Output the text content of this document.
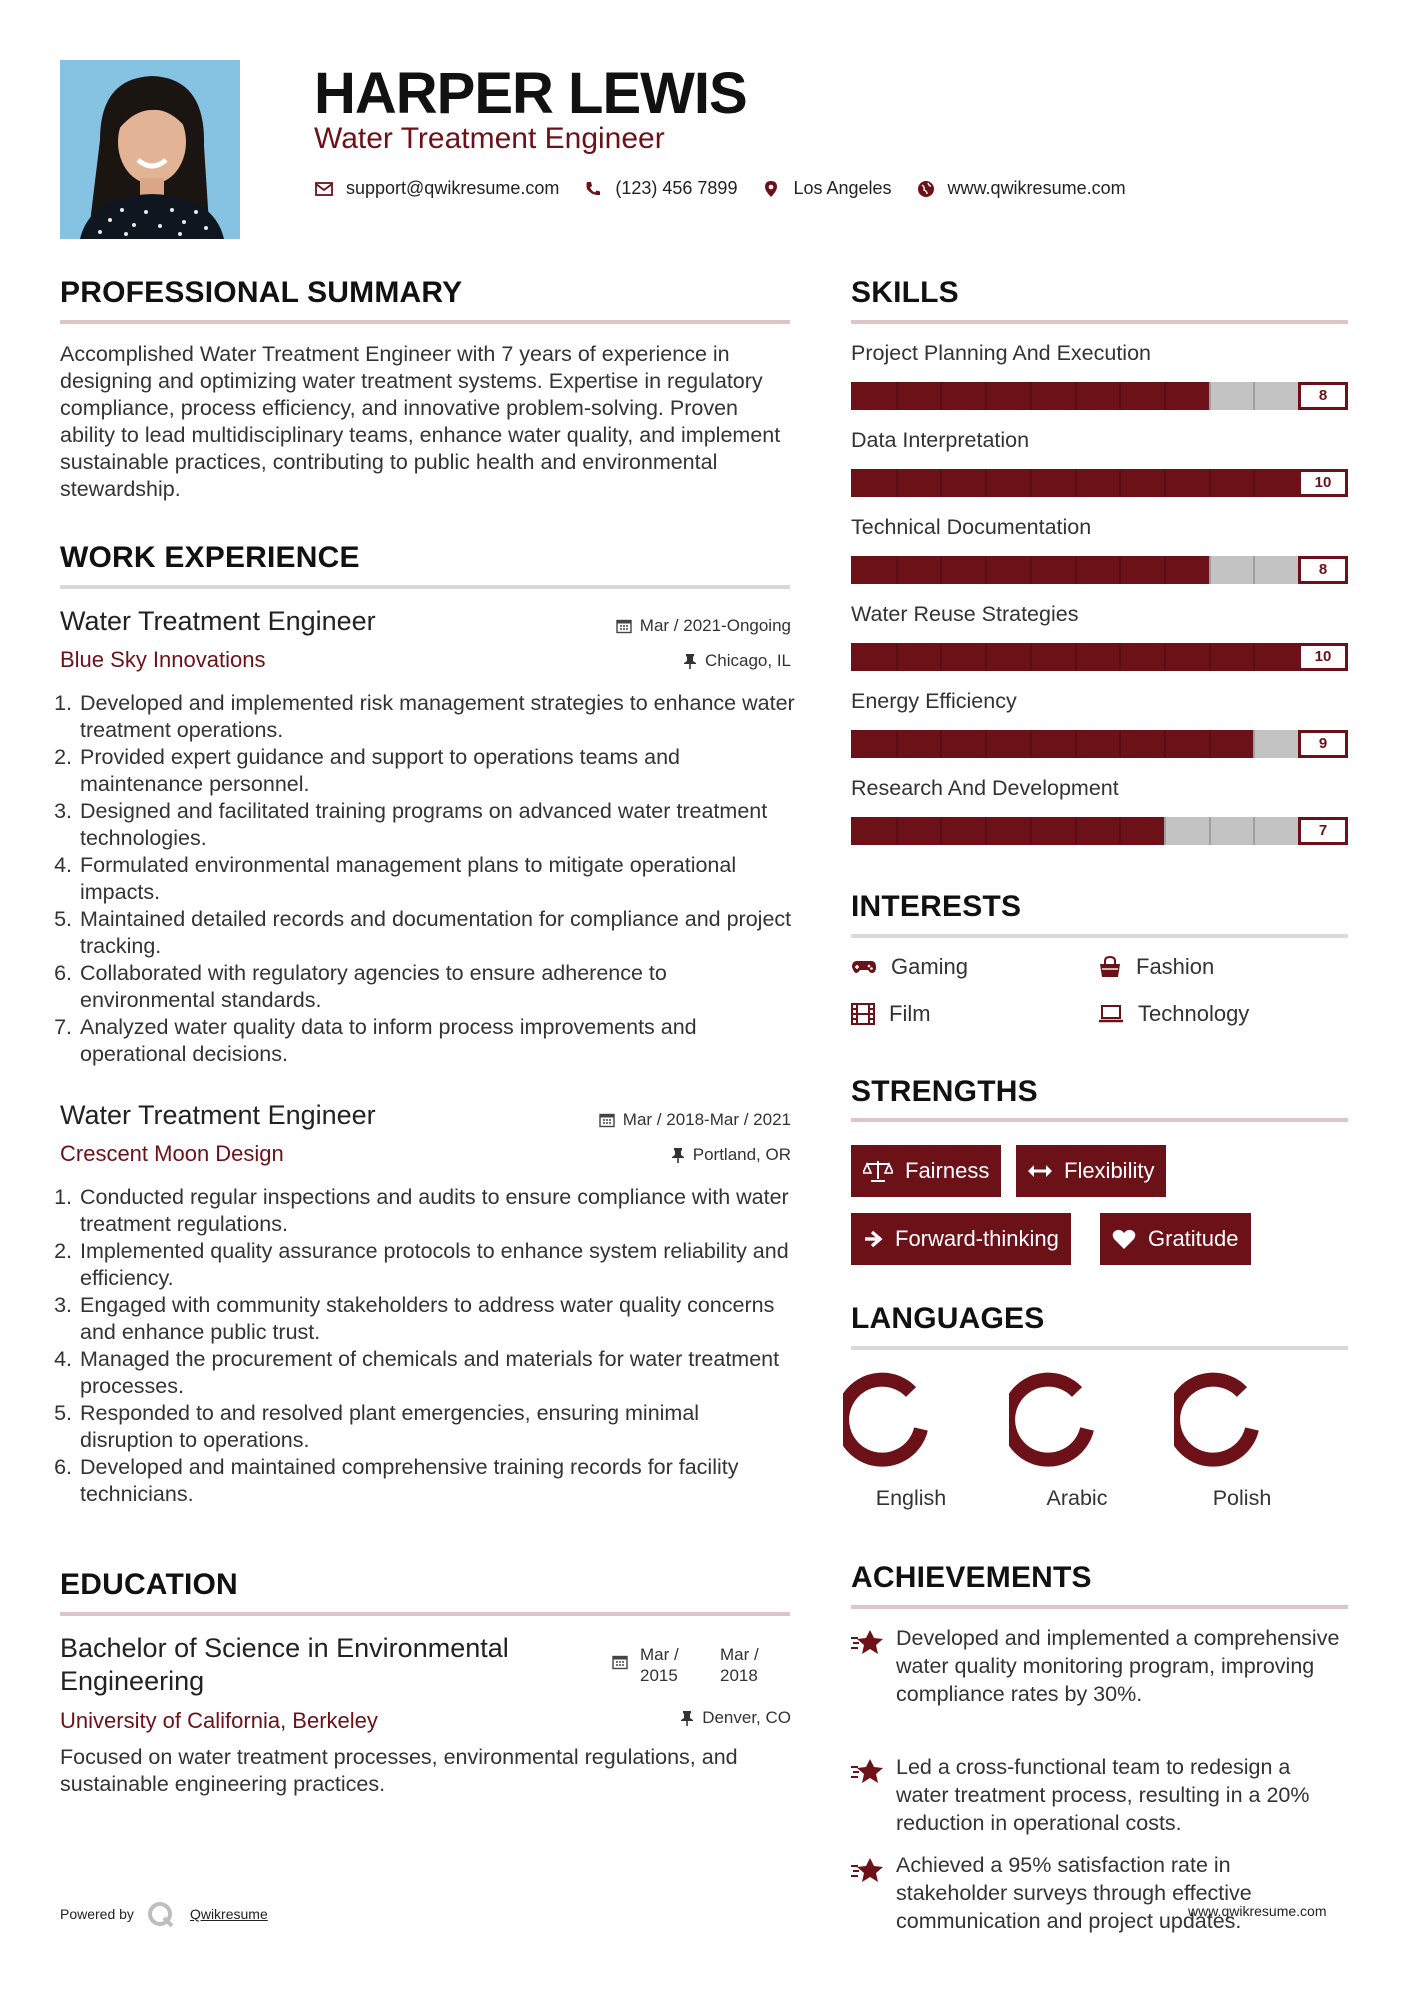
HARPER LEWIS
Water Treatment Engineer
support@qwikresume.com	(123) 456 7899	Los Angeles	www.qwikresume.com
PROFESSIONAL SUMMARY
Accomplished Water Treatment Engineer with 7 years of experience in designing and optimizing water treatment systems. Expertise in regulatory compliance, process efficiency, and innovative problem-solving. Proven ability to lead multidisciplinary teams, enhance water quality, and implement sustainable practices, contributing to public health and environmental stewardship.
WORK EXPERIENCE
Water Treatment Engineer	Mar / 2021-Ongoing
Blue Sky Innovations	Chicago, IL
1. Developed and implemented risk management strategies to enhance water treatment operations.
2. Provided expert guidance and support to operations teams and maintenance personnel.
3. Designed and facilitated training programs on advanced water treatment technologies.
4. Formulated environmental management plans to mitigate operational impacts.
5. Maintained detailed records and documentation for compliance and project tracking.
6. Collaborated with regulatory agencies to ensure adherence to environmental standards.
7. Analyzed water quality data to inform process improvements and operational decisions.
Water Treatment Engineer	Mar / 2018-Mar / 2021
Crescent Moon Design	Portland, OR
1. Conducted regular inspections and audits to ensure compliance with water treatment regulations.
2. Implemented quality assurance protocols to enhance system reliability and efficiency.
3. Engaged with community stakeholders to address water quality concerns and enhance public trust.
4. Managed the procurement of chemicals and materials for water treatment processes.
5. Responded to and resolved plant emergencies, ensuring minimal disruption to operations.
6. Developed and maintained comprehensive training records for facility technicians.
EDUCATION
Bachelor of Science in Environmental Engineering
Mar / 2015
Mar / 2018
University of California, Berkeley	Denver, CO
Focused on water treatment processes, environmental regulations, and sustainable engineering practices.
Powered by	Qwikresume
SKILLS
Project Planning And Execution
8
Data Interpretation
10
Technical Documentation
8
Water Reuse Strategies
10
Energy Efficiency
9
Research And Development
7
INTERESTS
Gaming	Fashion
Film	Technology
STRENGTHS
Fairness	Flexibility
Forward-thinking	Gratitude
LANGUAGES
English	Arabic	Polish
ACHIEVEMENTS
Developed and implemented a comprehensive water quality monitoring program, improving compliance rates by 30%.
Led a cross-functional team to redesign a water treatment process, resulting in a 20% reduction in operational costs.
Achieved a 95% satisfaction rate in stakeholder surveys through effective communication and project updates.
www.qwikresume.com
